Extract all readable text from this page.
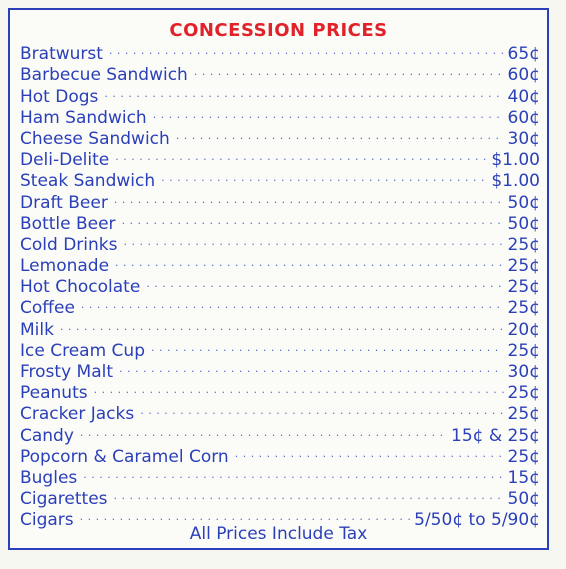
CONCESSION PRICES
Bratwurst · · ·	65¢
Barbecue Sandwich · · ·	60¢
Hot Dogs · · ·	40¢
Ham Sandwich · · ·	60¢
Cheese Sandwich · · ·	30¢
Deli-Delite · · ·	$1.00
Steak Sandwich · · ·	$1.00
Draft Beer · · ·	50¢
Bottle Beer · · ·	50¢
Cold Drinks · · ·	25¢
Lemonade · · ·	25¢
Hot Chocolate · · ·	25¢
Coffee · · ·	25¢
Milk · · ·	20¢
Ice Cream Cup · · ·	25¢
Frosty Malt · · ·	30¢
Peanuts · · ·	25¢
Cracker Jacks · · ·	25¢
Candy · · ·	15¢ & 25¢
Popcorn & Caramel Corn · · ·	25¢
Bugles · · ·	15¢
Cigarettes · · ·	50¢
Cigars · · ·	5/50¢ to 5/90¢
All Prices Include Tax
